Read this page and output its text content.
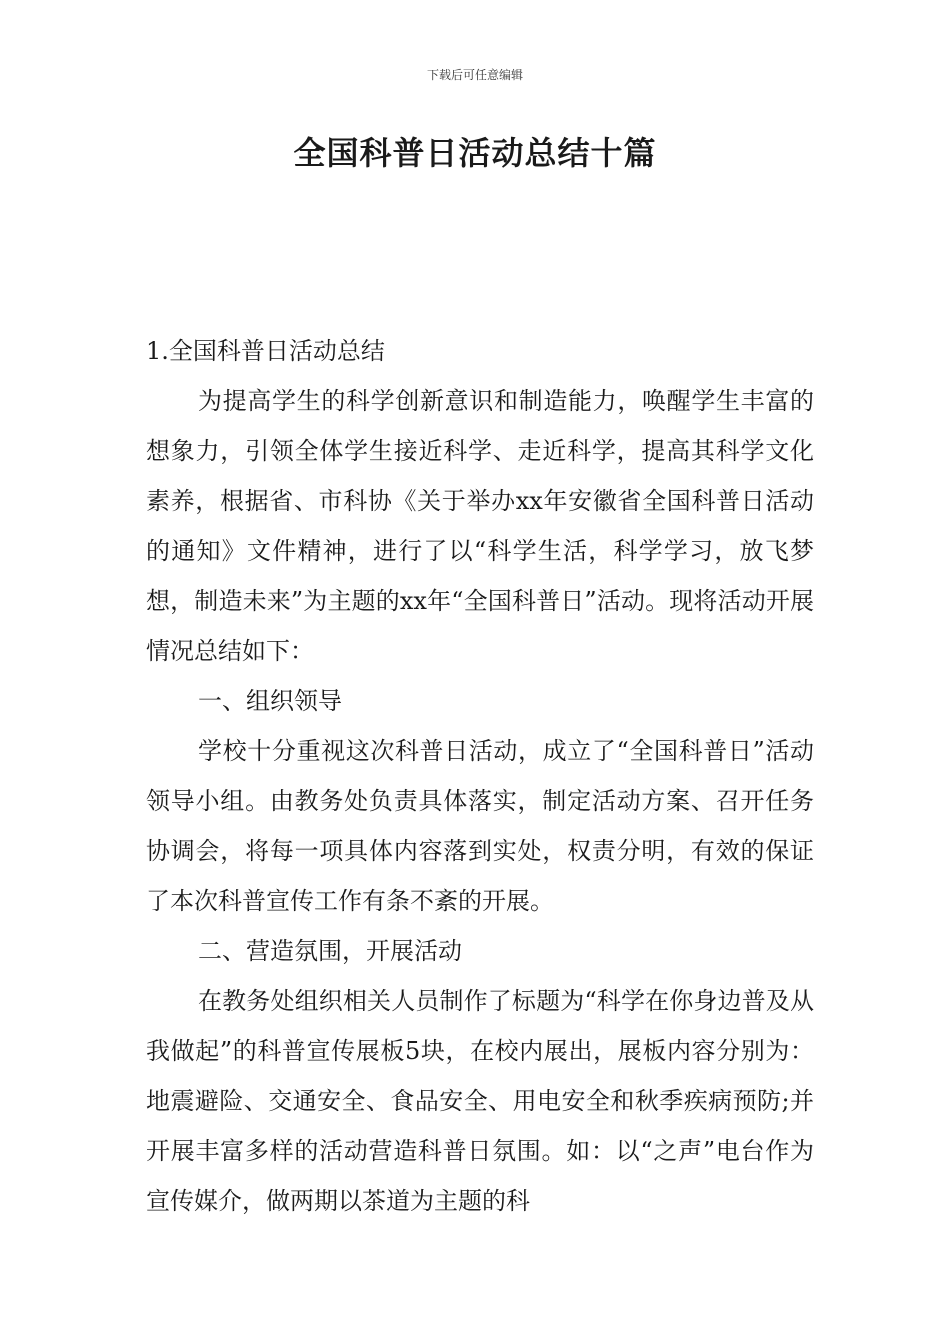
下载后可任意编辑
全国科普日活动总结十篇

1.全国科普日活动总结

为提高学生的科学创新意识和制造能力，唤醒学生丰富的想象力，引领全体学生接近科学、走近科学，提高其科学文化素养，根据省、市科协《关于举办xx年安徽省全国科普日活动的通知》文件精神，进行了以“科学生活，科学学习，放飞梦想，制造未来”为主题的xx年“全国科普日”活动。现将活动开展情况总结如下：

一、组织领导

学校十分重视这次科普日活动，成立了“全国科普日”活动领导小组。由教务处负责具体落实，制定活动方案、召开任务协调会，将每一项具体内容落到实处，权责分明，有效的保证了本次科普宣传工作有条不紊的开展。

二、营造氛围，开展活动

在教务处组织相关人员制作了标题为“科学在你身边普及从我做起”的科普宣传展板5块，在校内展出，展板内容分别为：地震避险、交通安全、食品安全、用电安全和秋季疾病预防;并开展丰富多样的活动营造科普日氛围。如：以“之声”电台作为宣传媒介，做两期以茶道为主题的科
